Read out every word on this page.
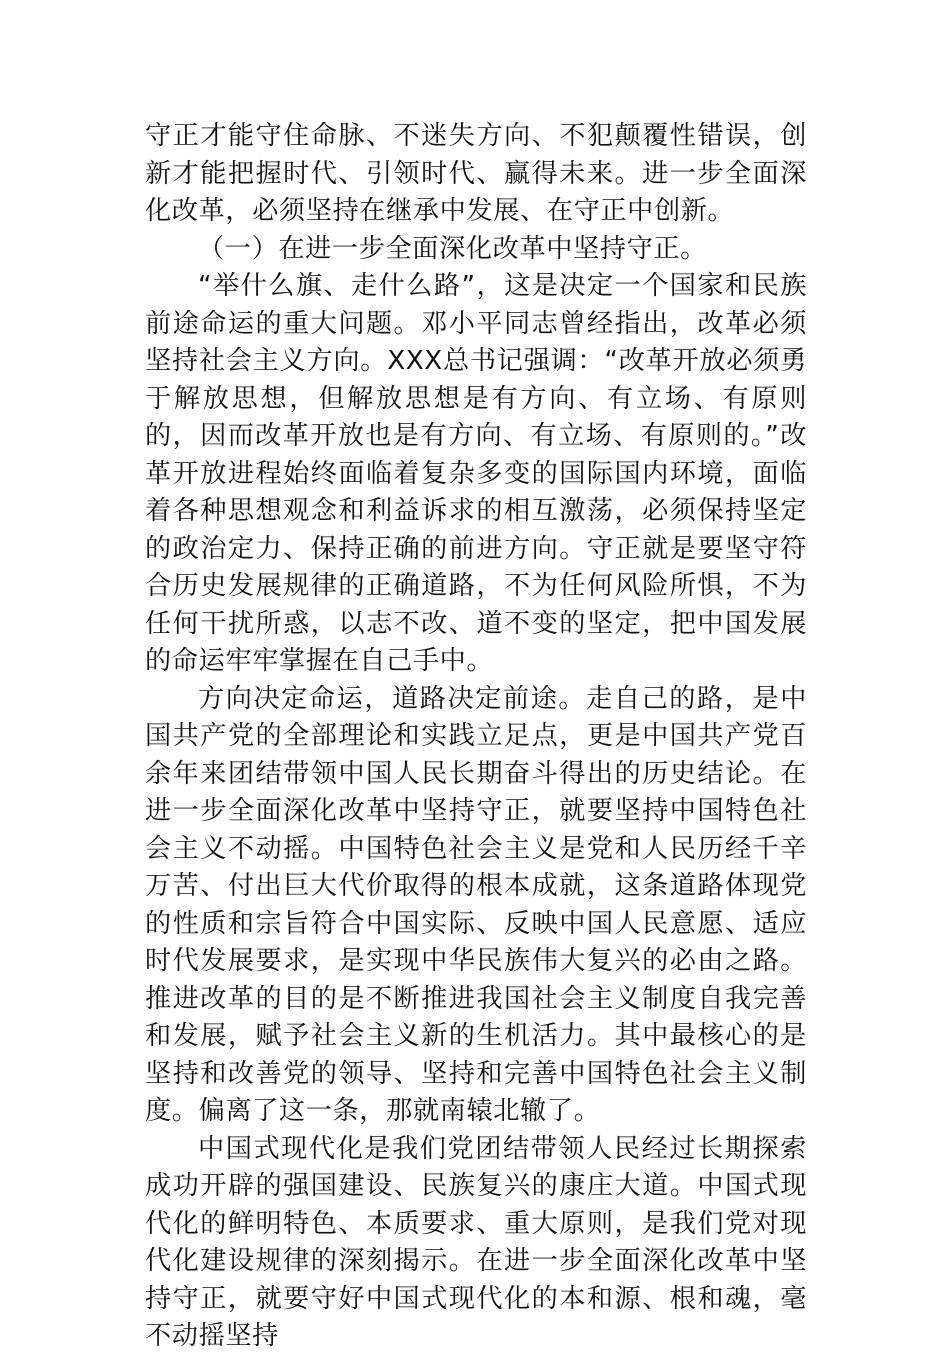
守正才能守住命脉、不迷失方向、不犯颠覆性错误，创新才能把握时代、引领时代、赢得未来。进一步全面深化改革，必须坚持在继承中发展、在守正中创新。

（一）在进一步全面深化改革中坚持守正。

“举什么旗、走什么路”，这是决定一个国家和民族前途命运的重大问题。邓小平同志曾经指出，改革必须坚持社会主义方向。XXX总书记强调：“改革开放必须勇于解放思想，但解放思想是有方向、有立场、有原则的，因而改革开放也是有方向、有立场、有原则的。”改革开放进程始终面临着复杂多变的国际国内环境，面临着各种思想观念和利益诉求的相互激荡，必须保持坚定的政治定力、保持正确的前进方向。守正就是要坚守符合历史发展规律的正确道路，不为任何风险所惧，不为任何干扰所惑，以志不改、道不变的坚定，把中国发展的命运牢牢掌握在自己手中。

方向决定命运，道路决定前途。走自己的路，是中国共产党的全部理论和实践立足点，更是中国共产党百余年来团结带领中国人民长期奋斗得出的历史结论。在进一步全面深化改革中坚持守正，就要坚持中国特色社会主义不动摇。中国特色社会主义是党和人民历经千辛万苦、付出巨大代价取得的根本成就，这条道路体现党的性质和宗旨符合中国实际、反映中国人民意愿、适应时代发展要求，是实现中华民族伟大复兴的必由之路。推进改革的目的是不断推进我国社会主义制度自我完善和发展，赋予社会主义新的生机活力。其中最核心的是坚持和改善党的领导、坚持和完善中国特色社会主义制度。偏离了这一条，那就南辕北辙了。

中国式现代化是我们党团结带领人民经过长期探索成功开辟的强国建设、民族复兴的康庄大道。中国式现代化的鲜明特色、本质要求、重大原则，是我们党对现代化建设规律的深刻揭示。在进一步全面深化改革中坚持守正，就要守好中国式现代化的本和源、根和魂，毫不动摇坚持
